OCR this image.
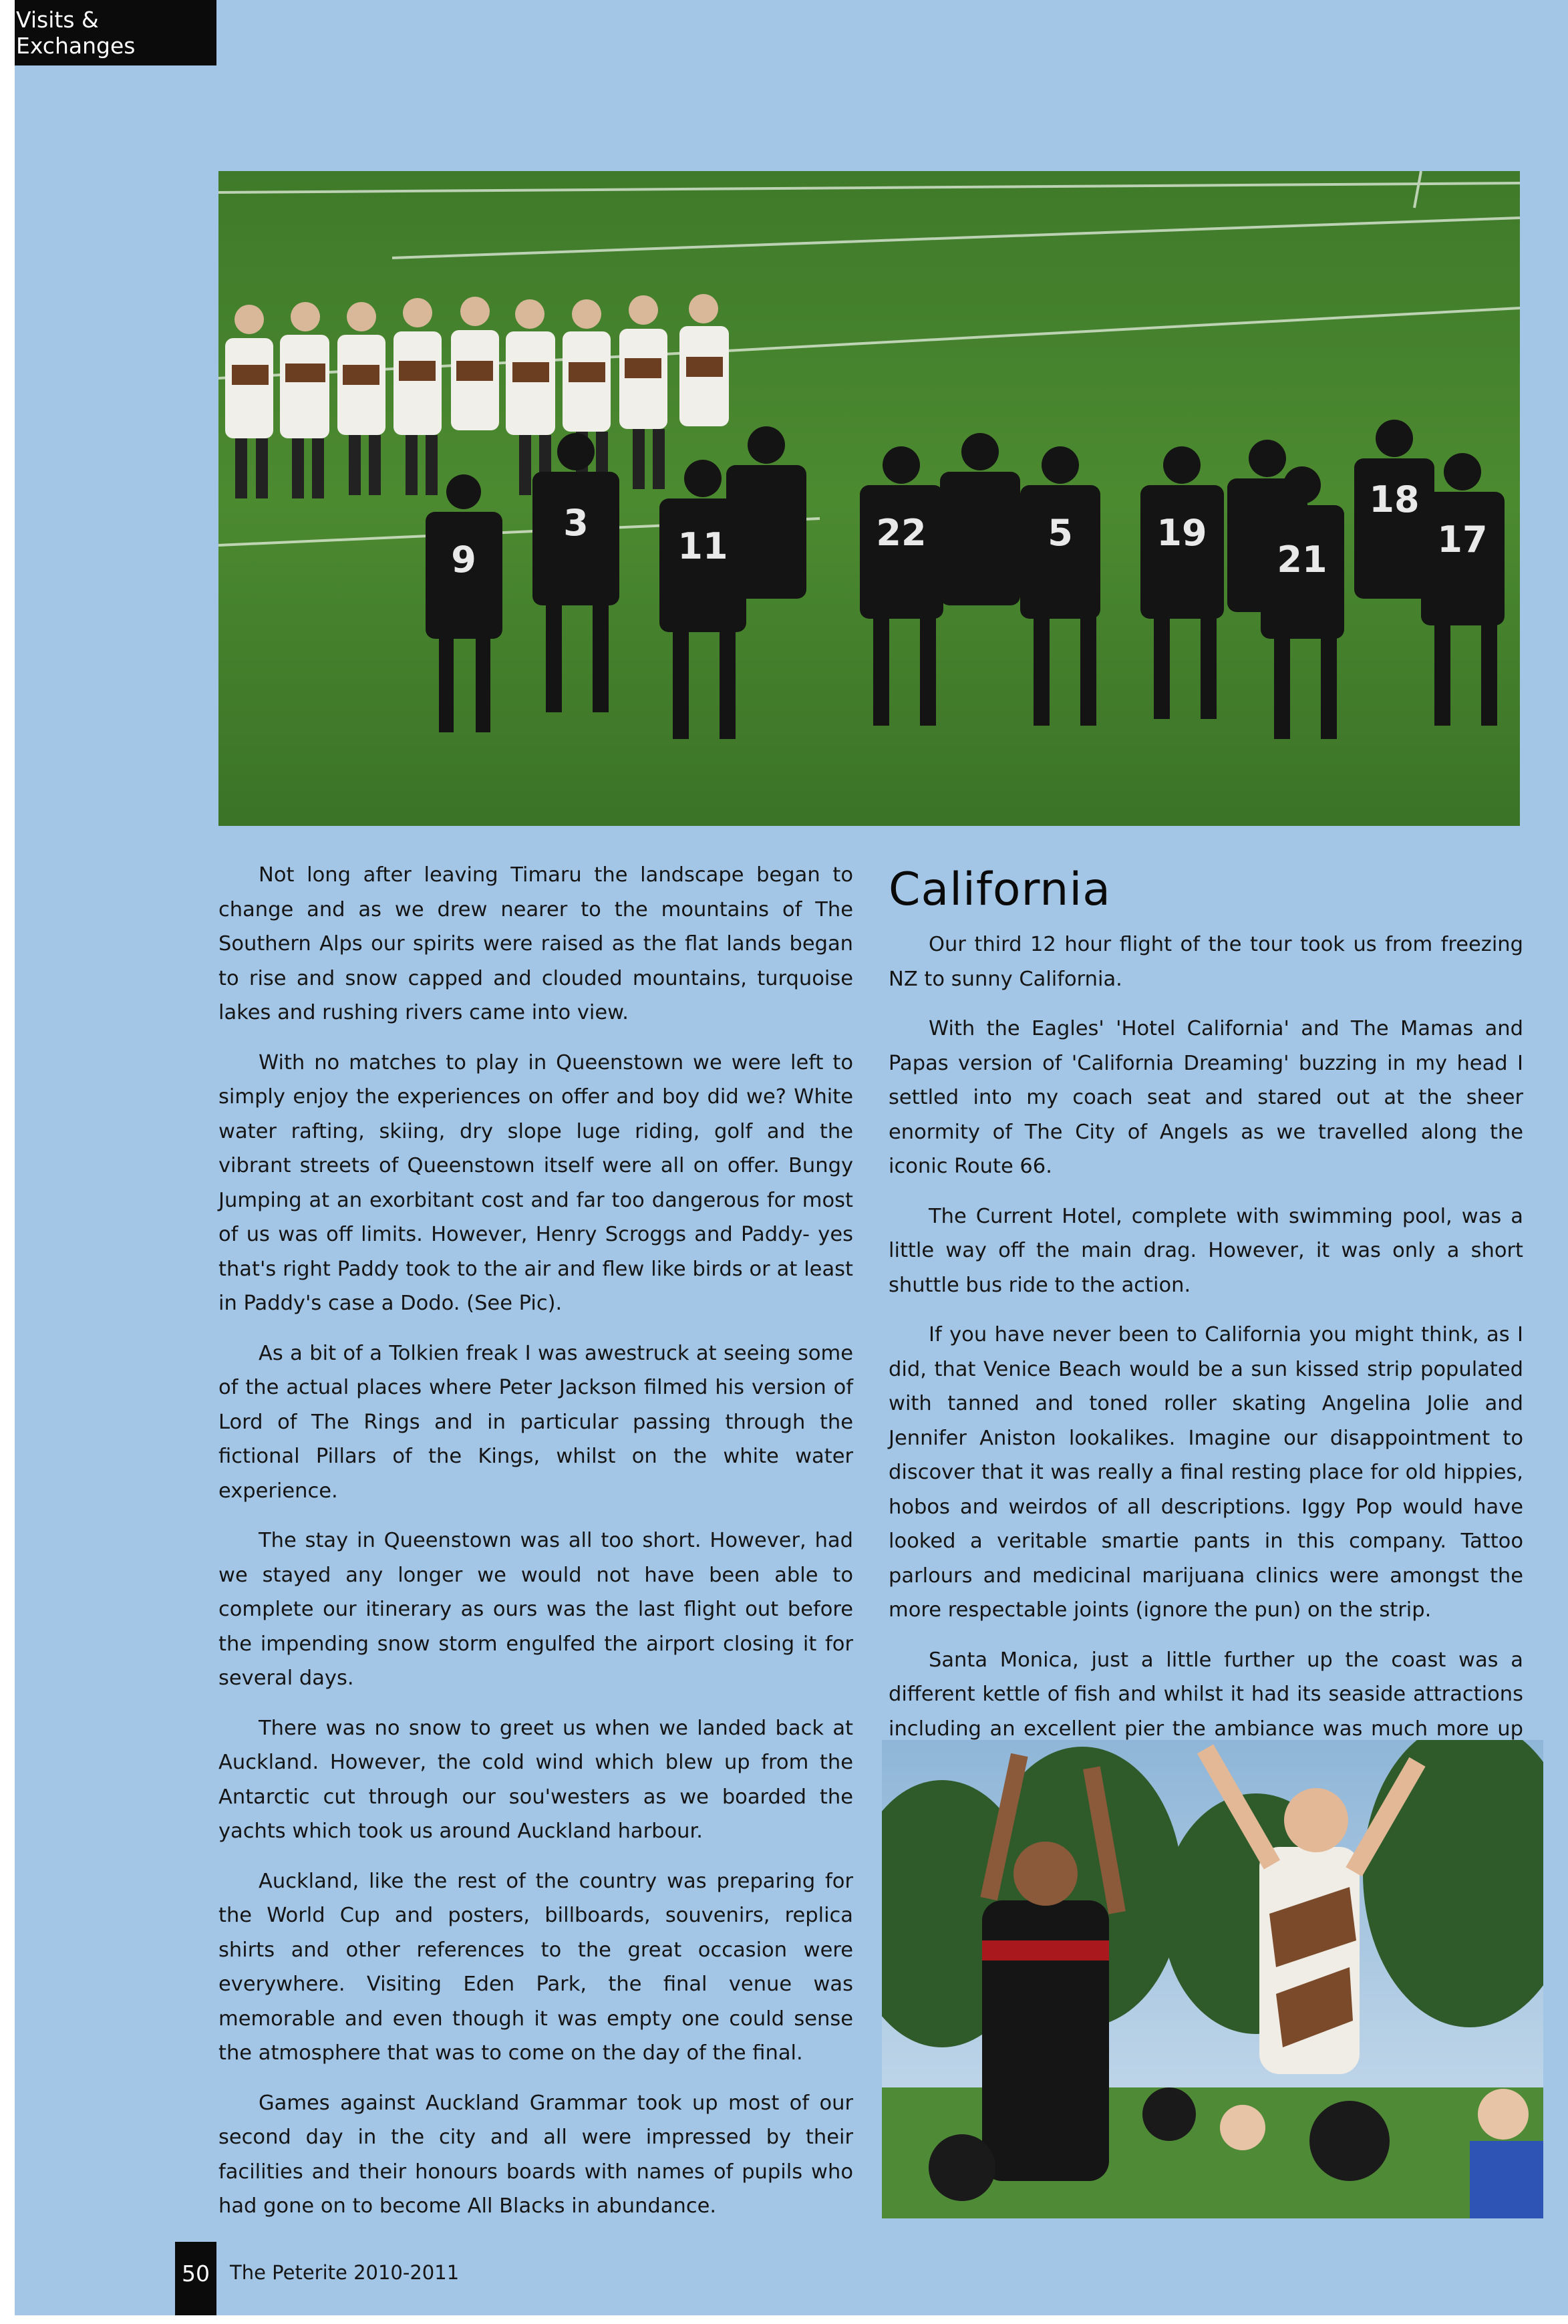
Visits & Exchanges
9
3
11	22	5 19
21
18
17

Not long after leaving Timaru the landscape began to change and as we drew nearer to the mountains of The Southern Alps our spirits were raised as the flat lands began to rise and snow capped and clouded mountains, turquoise lakes and rushing rivers came into view.

With no matches to play in Queenstown we were left to simply enjoy the experiences on offer and boy did we? White water rafting, skiing, dry slope luge riding, golf and the vibrant streets of Queenstown itself were all on offer. Bungy Jumping at an exorbitant cost and far too dangerous for most of us was off limits. However, Henry Scroggs and Paddy- yes that's right Paddy took to the air and flew like birds or at least in Paddy's case a Dodo. (See Pic).

As a bit of a Tolkien freak I was awestruck at seeing some of the actual places where Peter Jackson filmed his version of Lord of The Rings and in particular passing through the fictional Pillars of the Kings, whilst on the white water experience.

The stay in Queenstown was all too short. However, had we stayed any longer we would not have been able to complete our itinerary as ours was the last flight out before the impending snow storm engulfed the airport closing it for several days.

There was no snow to greet us when we landed back at Auckland. However, the cold wind which blew up from the Antarctic cut through our sou'westers as we boarded the yachts which took us around Auckland harbour.

Auckland, like the rest of the country was preparing for the World Cup and posters, billboards, souvenirs, replica shirts and other references to the great occasion were everywhere. Visiting Eden Park, the final venue was memorable and even though it was empty one could sense the atmosphere that was to come on the day of the final.

Games against Auckland Grammar took up most of our second day in the city and all were impressed by their facilities and their honours boards with names of pupils who had gone on to become All Blacks in abundance.

California

Our third 12 hour flight of the tour took us from freezing NZ to sunny California.

With the Eagles' 'Hotel California' and The Mamas and Papas version of 'California Dreaming' buzzing in my head I settled into my coach seat and stared out at the sheer enormity of The City of Angels as we travelled along the iconic Route 66.

The Current Hotel, complete with swimming pool, was a little way off the main drag. However, it was only a short shuttle bus ride to the action.

If you have never been to California you might think, as I did, that Venice Beach would be a sun kissed strip populated with tanned and toned roller skating Angelina Jolie and Jennifer Aniston lookalikes. Imagine our disappointment to discover that it was really a final resting place for old hippies, hobos and weirdos of all descriptions. Iggy Pop would have looked a veritable smartie pants in this company. Tattoo parlours and medicinal marijuana clinics were amongst the more respectable joints (ignore the pun) on the strip.

Santa Monica, just a little further up the coast was a different kettle of fish and whilst it had its seaside attractions including an excellent pier the ambiance was much more up

50	The Peterite 2010-2011
